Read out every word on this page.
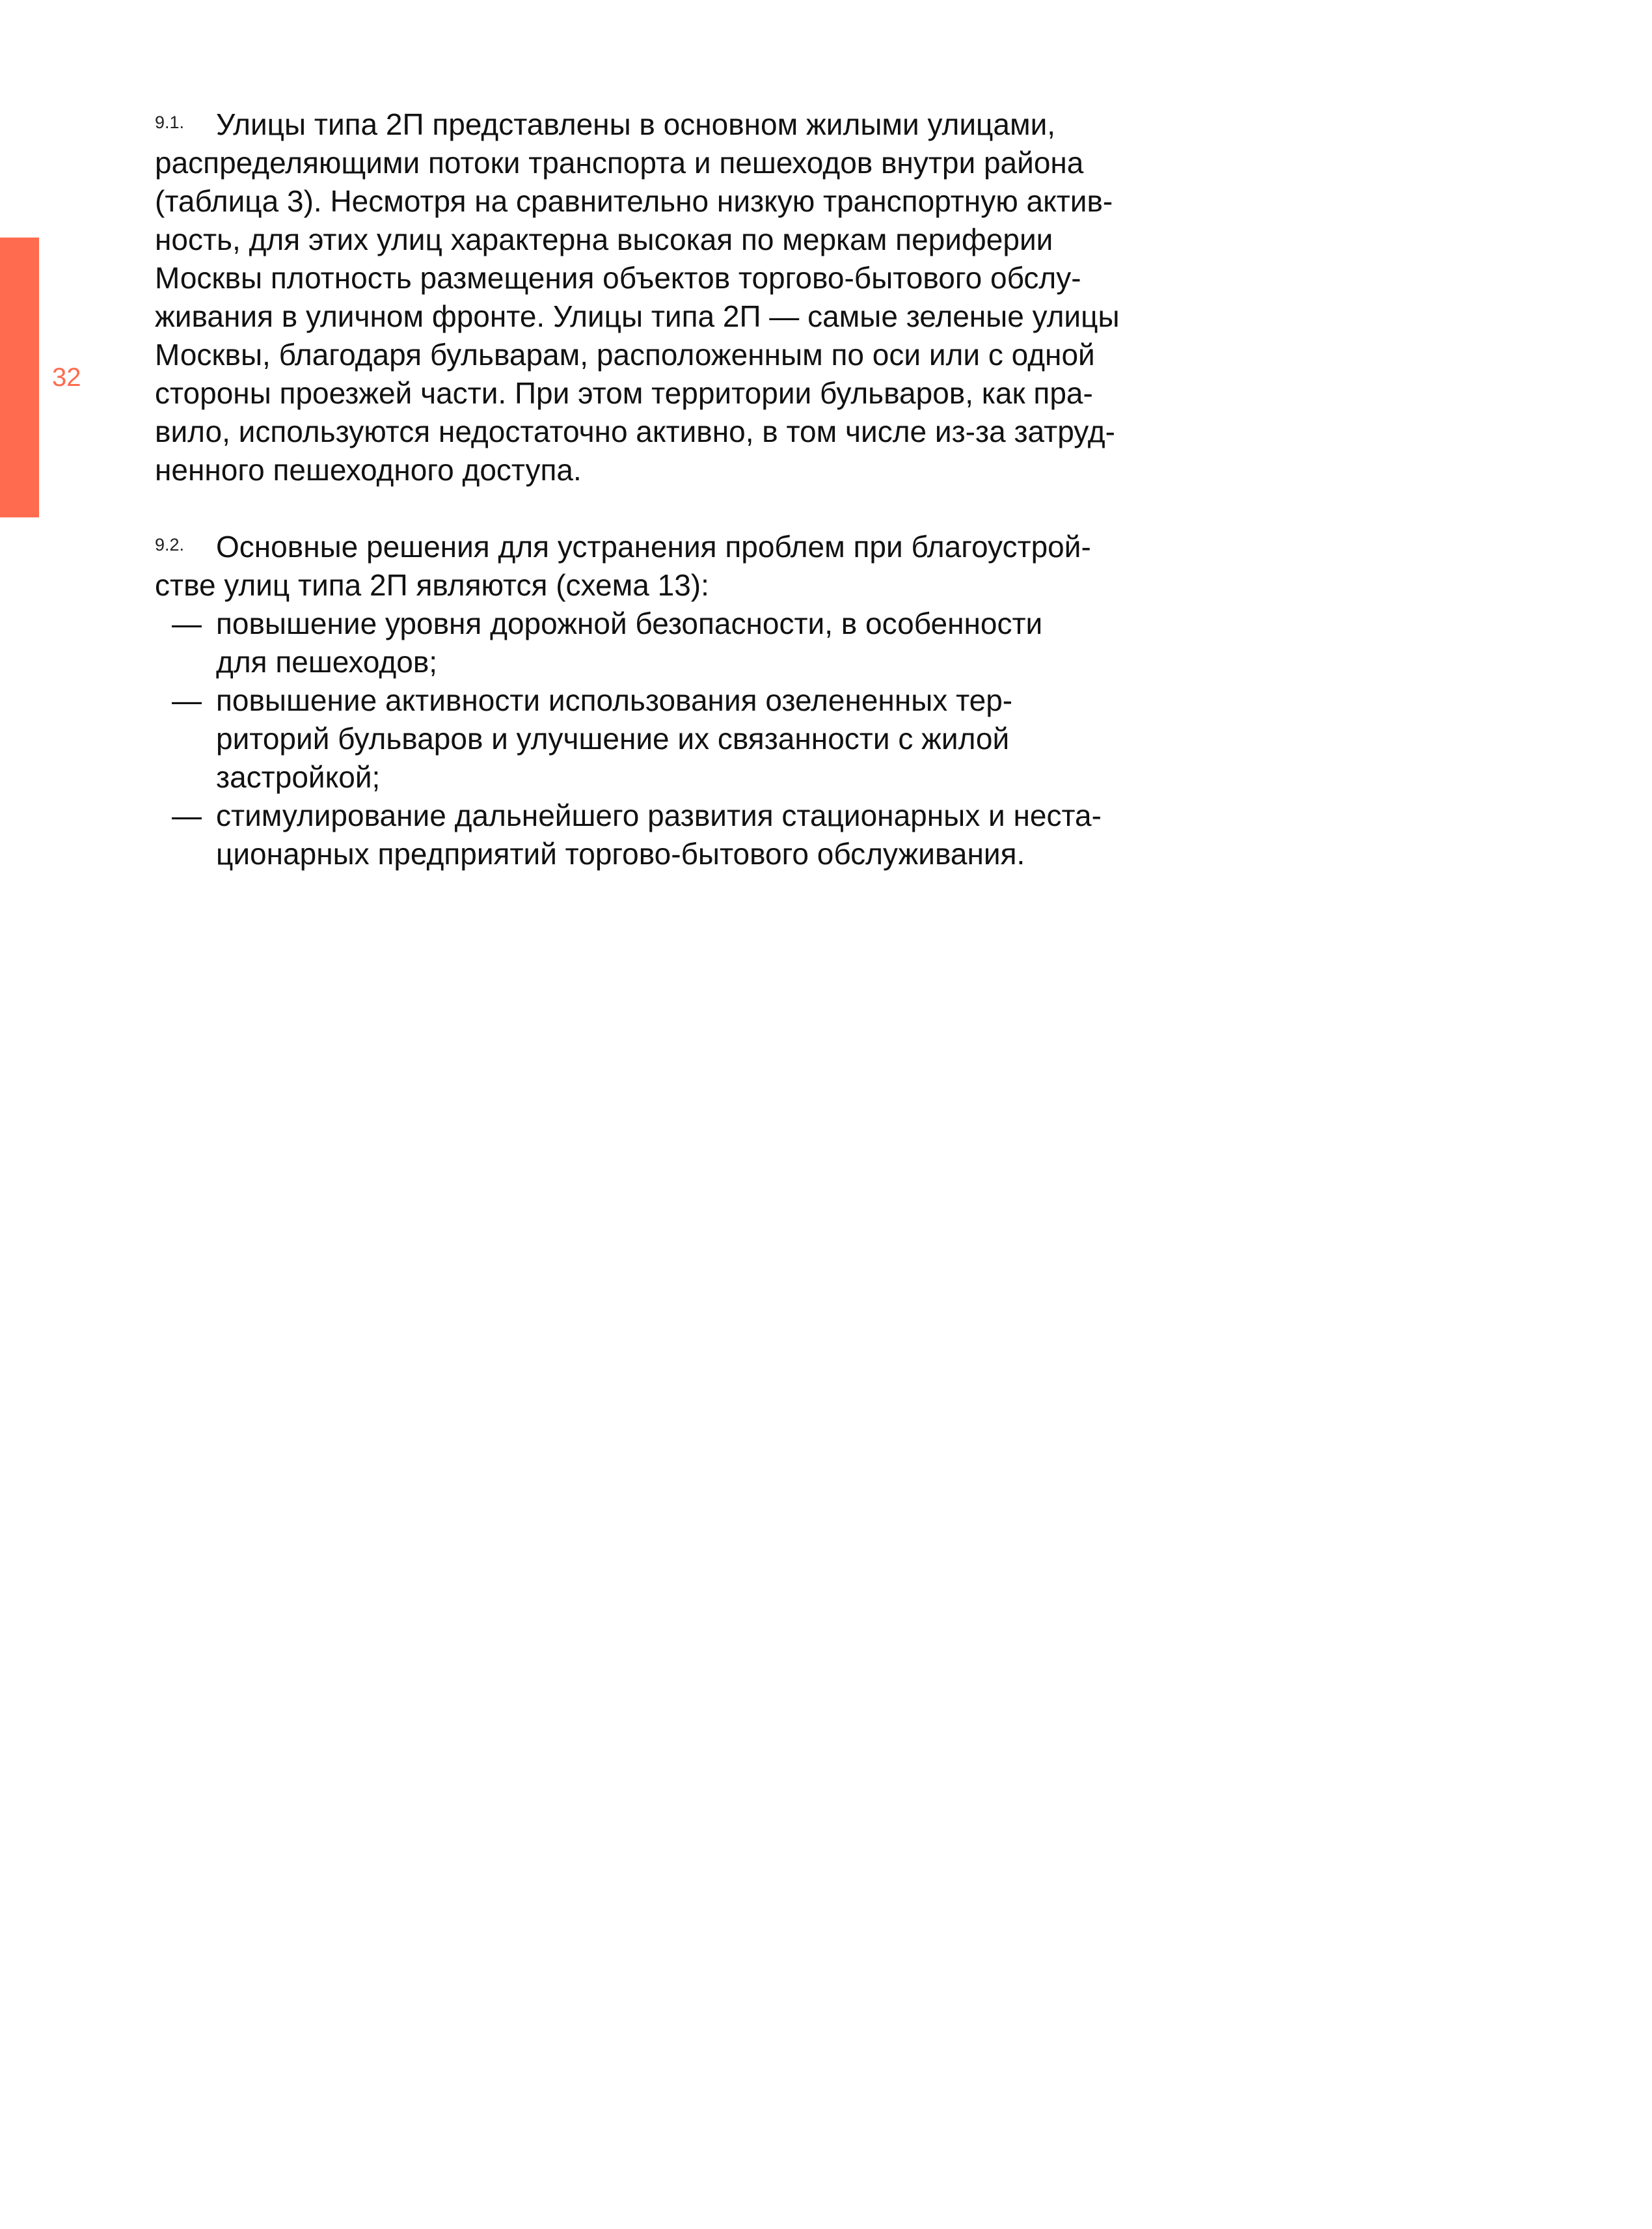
32
9.1.	Улицы типа 2П представлены в основном жилыми улицами,
распределяющими потоки транспорта и пешеходов внутри района
(таблица 3). Несмотря на сравнительно низкую транспортную актив-
ность, для этих улиц характерна высокая по меркам периферии
Москвы плотность размещения объектов торгово-бытового обслу-
живания в уличном фронте. Улицы типа 2П — самые зеленые улицы
Москвы, благодаря бульварам, расположенным по оси или с одной
стороны проезжей части. При этом территории бульваров, как пра-
вило, используются недостаточно активно, в том числе из-за затруд-
ненного пешеходного доступа.
9.2.	Основные решения для устранения проблем при благоустрой-
стве улиц типа 2П являются (схема 13):
— повышение уровня дорожной безопасности, в особенности
для пешеходов;
— повышение активности использования озелененных тер-
риторий бульваров и улучшение их связанности с жилой
застройкой;
— стимулирование дальнейшего развития стационарных и неста-
ционарных предприятий торгово-бытового обслуживания.
